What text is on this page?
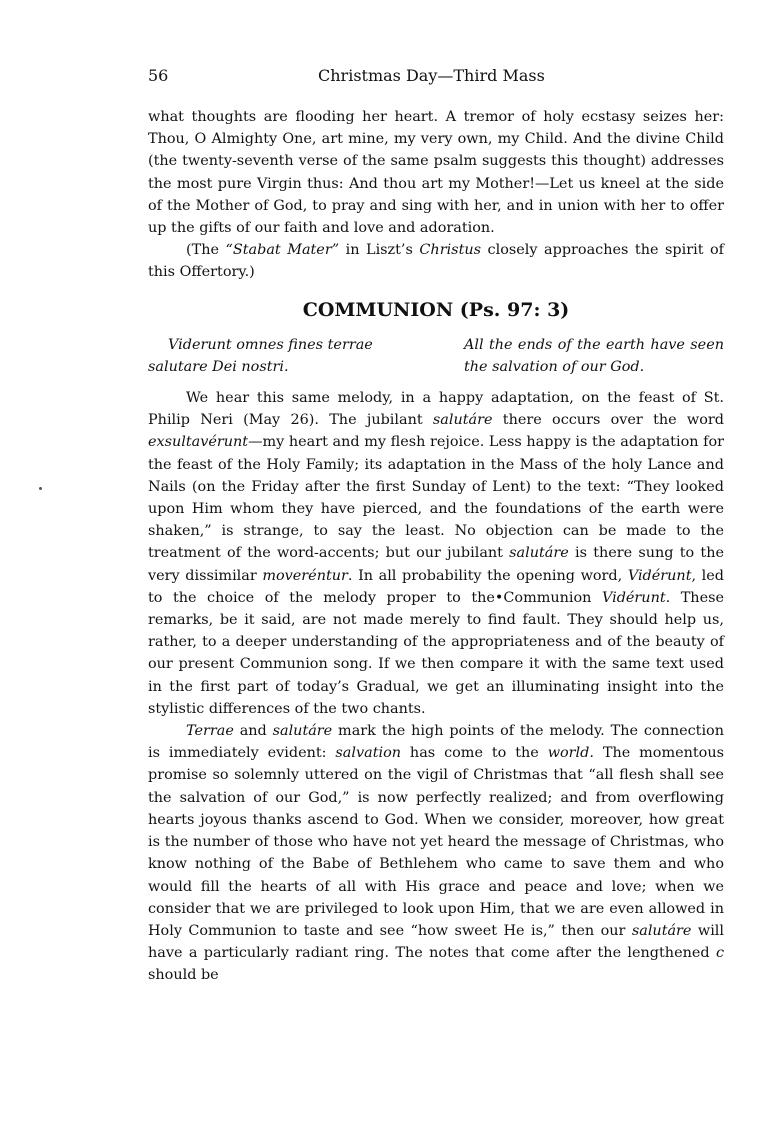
56	Christmas Day—Third Mass

what thoughts are flooding her heart. A tremor of holy ecstasy seizes her: Thou, O Almighty One, art mine, my very own, my Child. And the divine Child (the twenty-seventh verse of the same psalm suggests this thought) addresses the most pure Virgin thus: And thou art my Mother!—Let us kneel at the side of the Mother of God, to pray and sing with her, and in union with her to offer up the gifts of our faith and love and adoration.

(The “Stabat Mater” in Liszt’s Christus closely approaches the spirit of this Offertory.)

COMMUNION (Ps. 97: 3)

Viderunt omnes fines terrae salutare Dei nostri.
All the ends of the earth have seen the salvation of our God.

We hear this same melody, in a happy adaptation, on the feast of St. Philip Neri (May 26). The jubilant salutáre there occurs over the word exsultavérunt—my heart and my flesh rejoice. Less happy is the adaptation for the feast of the Holy Family; its adaptation in the Mass of the holy Lance and Nails (on the Friday after the first Sunday of Lent) to the text: “They looked upon Him whom they have pierced, and the foundations of the earth were shaken,” is strange, to say the least. No objection can be made to the treatment of the word-accents; but our jubilant salutáre is there sung to the very dissimilar moveréntur. In all probability the opening word, Vidérunt, led to the choice of the melody proper to the•Communion Vidérunt. These remarks, be it said, are not made merely to find fault. They should help us, rather, to a deeper understanding of the appropriateness and of the beauty of our present Communion song. If we then compare it with the same text used in the first part of today’s Gradual, we get an illuminating insight into the stylistic differences of the two chants.

Terrae and salutáre mark the high points of the melody. The connection is immediately evident: salvation has come to the world. The momentous promise so solemnly uttered on the vigil of Christmas that “all flesh shall see the salvation of our God,” is now perfectly realized; and from overflowing hearts joyous thanks ascend to God. When we consider, moreover, how great is the number of those who have not yet heard the message of Christmas, who know nothing of the Babe of Bethlehem who came to save them and who would fill the hearts of all with His grace and peace and love; when we consider that we are privileged to look upon Him, that we are even allowed in Holy Communion to taste and see “how sweet He is,” then our salutáre will have a particularly radiant ring. The notes that come after the lengthened c should be
